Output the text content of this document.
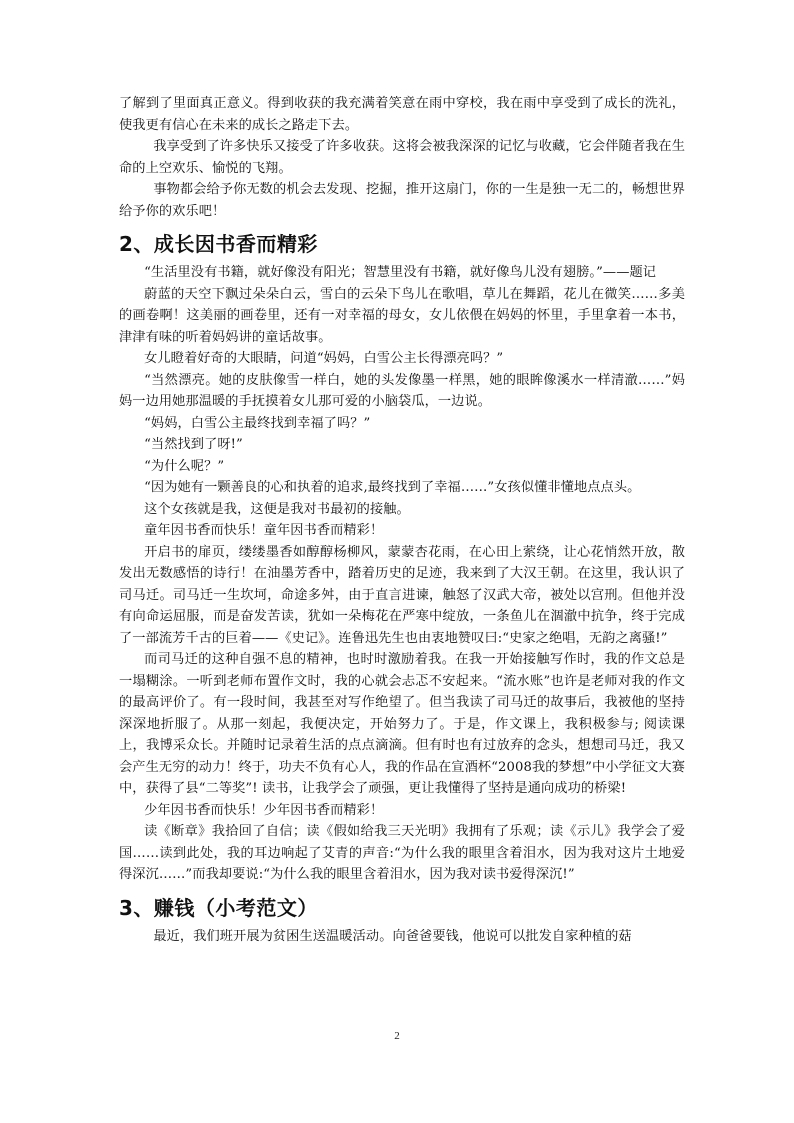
了解到了里面真正意义。得到收获的我充满着笑意在雨中穿校，我在雨中享受到了成长的洗礼，使我更有信心在未来的成长之路走下去。

我享受到了许多快乐又接受了许多收获。这将会被我深深的记忆与收藏，它会伴随者我在生命的上空欢乐、愉悦的飞翔。

事物都会给予你无数的机会去发现、挖掘，推开这扇门，你的一生是独一无二的，畅想世界给予你的欢乐吧！

2、成长因书香而精彩

“生活里没有书籍，就好像没有阳光；智慧里没有书籍，就好像鸟儿没有翅膀。”——题记

蔚蓝的天空下飘过朵朵白云，雪白的云朵下鸟儿在歌唱，草儿在舞蹈，花儿在微笑……多美的画卷啊！这美丽的画卷里，还有一对幸福的母女，女儿依偎在妈妈的怀里，手里拿着一本书，津津有味的听着妈妈讲的童话故事。

女儿瞪着好奇的大眼睛，问道“妈妈，白雪公主长得漂亮吗？”

“当然漂亮。她的皮肤像雪一样白，她的头发像墨一样黑，她的眼眸像溪水一样清澈……”妈妈一边用她那温暖的手抚摸着女儿那可爱的小脑袋瓜，一边说。

“妈妈，白雪公主最终找到幸福了吗？”

“当然找到了呀!”

“为什么呢？”

“因为她有一颗善良的心和执着的追求,最终找到了幸福……”女孩似懂非懂地点点头。

这个女孩就是我，这便是我对书最初的接触。

童年因书香而快乐！童年因书香而精彩！

开启书的扉页，缕缕墨香如醇醇杨柳风，蒙蒙杏花雨，在心田上萦绕，让心花悄然开放，散发出无数感悟的诗行！在油墨芳香中，踏着历史的足迹，我来到了大汉王朝。在这里，我认识了司马迁。司马迁一生坎坷，命途多舛，由于直言进谏，触怒了汉武大帝，被处以宫刑。但他并没有向命运屈服，而是奋发苦读，犹如一朵梅花在严寒中绽放，一条鱼儿在涸澈中抗争，终于完成了一部流芳千古的巨着——《史记》。连鲁迅先生也由衷地赞叹曰:“史家之绝唱，无韵之离骚!”

而司马迁的这种自强不息的精神，也时时激励着我。在我一开始接触写作时，我的作文总是一塌糊涂。一听到老师布置作文时，我的心就会忐忑不安起来。“流水账”也许是老师对我的作文的最高评价了。有一段时间，我甚至对写作绝望了。但当我读了司马迁的故事后，我被他的坚持深深地折服了。从那一刻起，我便决定，开始努力了。于是，作文课上，我积极参与; 阅读课上，我博采众长。并随时记录着生活的点点滴滴。但有时也有过放弃的念头，想想司马迁，我又会产生无穷的动力！终于，功夫不负有心人，我的作品在宣酒杯“2008我的梦想”中小学征文大赛中，获得了县“二等奖”! 读书，让我学会了顽强，更让我懂得了坚持是通向成功的桥梁!

少年因书香而快乐！少年因书香而精彩！

读《断章》我拾回了自信；读《假如给我三天光明》我拥有了乐观；读《示儿》我学会了爱国……读到此处，我的耳边响起了艾青的声音:“为什么我的眼里含着泪水，因为我对这片土地爱得深沉……”而我却要说:“为什么我的眼里含着泪水，因为我对读书爱得深沉!”

3、赚钱（小考范文）

最近，我们班开展为贫困生送温暖活动。向爸爸要钱，他说可以批发自家种植的菇

2
